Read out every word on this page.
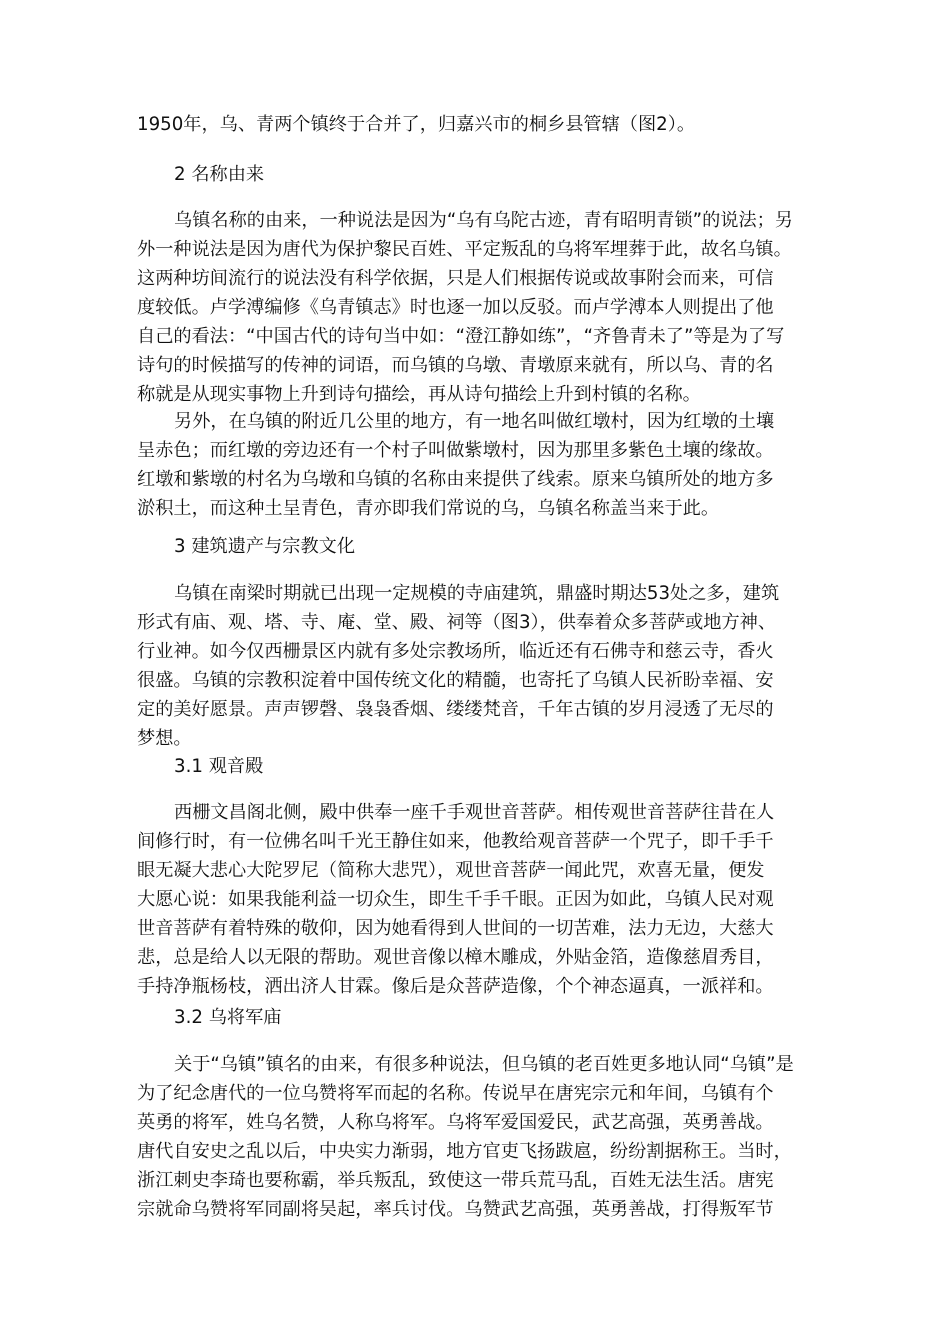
1950年，乌、青两个镇终于合并了，归嘉兴市的桐乡县管辖（图2）。

2 名称由来

乌镇名称的由来，一种说法是因为“乌有乌陀古迹，青有昭明青锁”的说法；另

外一种说法是因为唐代为保护黎民百姓、平定叛乱的乌将军埋葬于此，故名乌镇。

这两种坊间流行的说法没有科学依据，只是人们根据传说或故事附会而来，可信

度较低。卢学溥编修《乌青镇志》时也逐一加以反驳。而卢学溥本人则提出了他

自己的看法：“中国古代的诗句当中如：“澄江静如练”，“齐鲁青未了”等是为了写

诗句的时候描写的传神的词语，而乌镇的乌墩、青墩原来就有，所以乌、青的名

称就是从现实事物上升到诗句描绘，再从诗句描绘上升到村镇的名称。

另外，在乌镇的附近几公里的地方，有一地名叫做红墩村，因为红墩的土壤

呈赤色；而红墩的旁边还有一个村子叫做紫墩村，因为那里多紫色土壤的缘故。

红墩和紫墩的村名为乌墩和乌镇的名称由来提供了线索。原来乌镇所处的地方多

淤积土，而这种土呈青色，青亦即我们常说的乌，乌镇名称盖当来于此。

3 建筑遗产与宗教文化

乌镇在南梁时期就已出现一定规模的寺庙建筑，鼎盛时期达53处之多，建筑

形式有庙、观、塔、寺、庵、堂、殿、祠等（图3），供奉着众多菩萨或地方神、

行业神。如今仅西栅景区内就有多处宗教场所，临近还有石佛寺和慈云寺，香火

很盛。乌镇的宗教积淀着中国传统文化的精髓，也寄托了乌镇人民祈盼幸福、安

定的美好愿景。声声锣磬、袅袅香烟、缕缕梵音，千年古镇的岁月浸透了无尽的

梦想。

3.1 观音殿

西栅文昌阁北侧，殿中供奉一座千手观世音菩萨。相传观世音菩萨往昔在人

间修行时，有一位佛名叫千光王静住如来，他教给观音菩萨一个咒子，即千手千

眼无凝大悲心大陀罗尼（简称大悲咒），观世音菩萨一闻此咒，欢喜无量，便发

大愿心说：如果我能利益一切众生，即生千手千眼。正因为如此，乌镇人民对观

世音菩萨有着特殊的敬仰，因为她看得到人世间的一切苦难，法力无边，大慈大

悲，总是给人以无限的帮助。观世音像以樟木雕成，外贴金箔，造像慈眉秀目，

手持净瓶杨枝，洒出济人甘霖。像后是众菩萨造像，个个神态逼真，一派祥和。

3.2 乌将军庙

关于“乌镇”镇名的由来，有很多种说法，但乌镇的老百姓更多地认同“乌镇”是

为了纪念唐代的一位乌赞将军而起的名称。传说早在唐宪宗元和年间，乌镇有个

英勇的将军，姓乌名赞，人称乌将军。乌将军爱国爱民，武艺高强，英勇善战。

唐代自安史之乱以后，中央实力渐弱，地方官吏飞扬跋扈，纷纷割据称王。当时，

浙江刺史李琦也要称霸，举兵叛乱，致使这一带兵荒马乱，百姓无法生活。唐宪

宗就命乌赞将军同副将吴起，率兵讨伐。乌赞武艺高强，英勇善战，打得叛军节
